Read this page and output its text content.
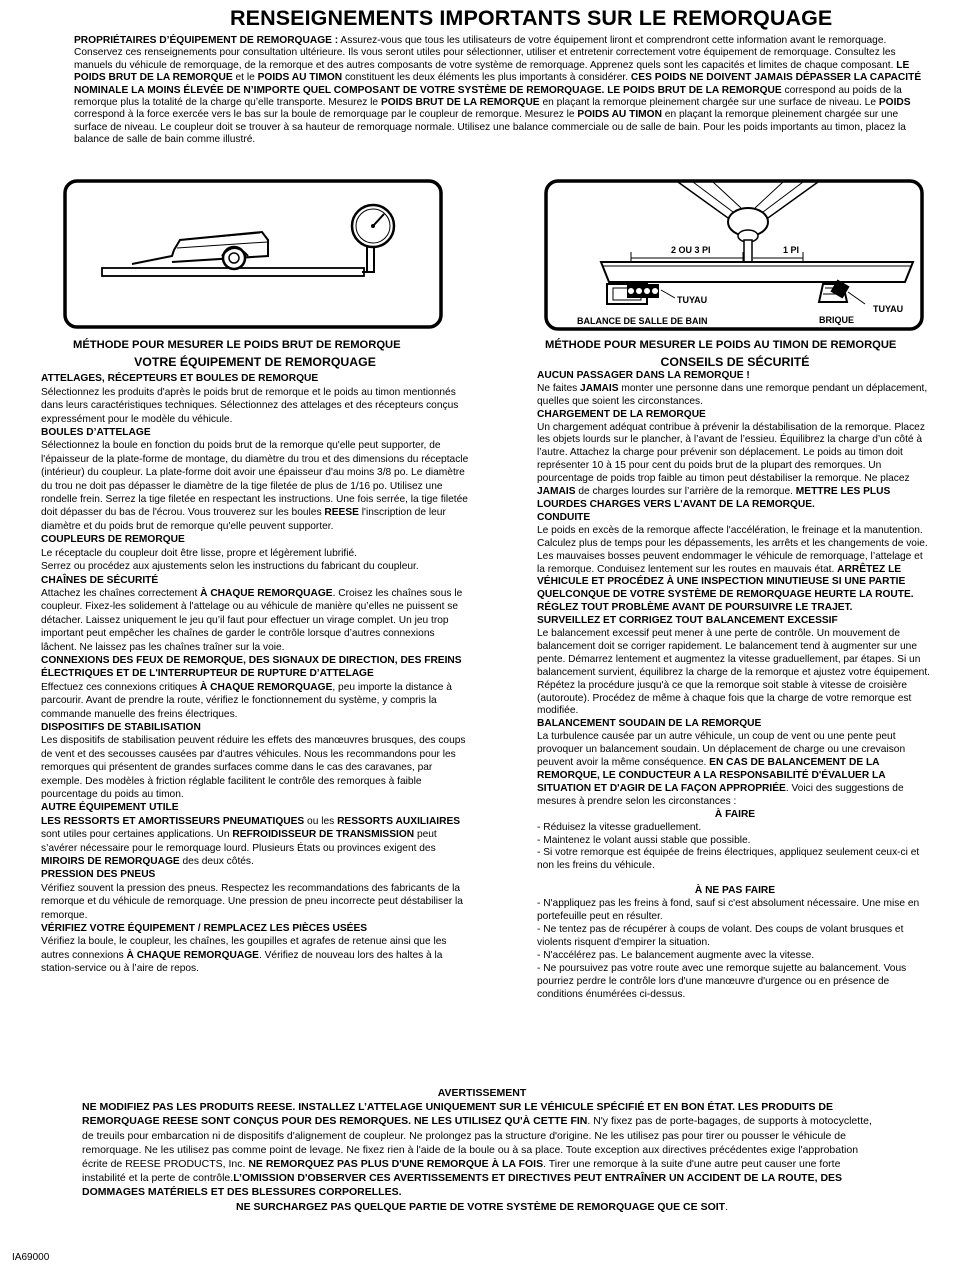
RENSEIGNEMENTS IMPORTANTS SUR LE REMORQUAGE

PROPRIÉTAIRES D’ÉQUIPEMENT DE REMORQUAGE : Assurez-vous que tous les utilisateurs de votre équipement liront et comprendront cette information avant le remorquage.

Conservez ces renseignements pour consultation ultérieure. Ils vous seront utiles pour sélectionner, utiliser et entretenir correctement votre équipement de remorquage. Consultez les manuels du véhicule de remorquage, de la remorque et des autres composants de votre système de remorquage. Apprenez quels sont les capacités et limites de chaque composant. LE POIDS BRUT DE LA REMORQUE et le POIDS AU TIMON constituent les deux éléments les plus importants à considérer. CES POIDS NE DOIVENT JAMAIS DÉPASSER LA CAPACITÉ NOMINALE LA MOINS ÉLEVÉE DE N’IMPORTE QUEL COMPOSANT DE VOTRE SYSTÈME DE REMORQUAGE. LE POIDS BRUT DE LA REMORQUE correspond au poids de la remorque plus la totalité de la charge qu’elle transporte. Mesurez le POIDS BRUT DE LA REMORQUE en plaçant la remorque pleinement chargée sur une surface de niveau. Le POIDS correspond à la force exercée vers le bas sur la boule de remorquage par le coupleur de remorque. Mesurez le POIDS AU TIMON en plaçant la remorque pleinement chargée sur une surface de niveau. Le coupleur doit se trouver à sa hauteur de remorquage normale. Utilisez une balance commerciale ou de salle de bain. Pour les poids importants au timon, placez la balance de salle de bain comme illustré.

MÉTHODE POUR MESURER LE POIDS BRUT DE REMORQUE
2 OU 3 PI	1 PI
TUYAU
TUYAU
BALANCE DE SALLE DE BAIN	BRIQUE
MÉTHODE POUR MESURER LE POIDS AU TIMON DE REMORQUE
VOTRE ÉQUIPEMENT DE REMORQUAGE
ATTELAGES, RÉCEPTEURS ET BOULES DE REMORQUE

Sélectionnez les produits d'après le poids brut de remorque et le poids au timon mentionnés dans leurs caractéristiques techniques. Sélectionnez des attelages et des récepteurs conçus expressément pour le modèle du véhicule.

BOULES D’ATTELAGE

Sélectionnez la boule en fonction du poids brut de la remorque qu'elle peut supporter, de l'épaisseur de la plate-forme de montage, du diamètre du trou et des dimensions du réceptacle (intérieur) du coupleur. La plate-forme doit avoir une épaisseur d'au moins 3/8 po. Le diamètre du trou ne doit pas dépasser le diamètre de la tige filetée de plus de 1/16 po. Utilisez une rondelle frein. Serrez la tige filetée en respectant les instructions. Une fois serrée, la tige filetée doit dépasser du bas de l'écrou. Vous trouverez sur les boules REESE l'inscription de leur diamètre et du poids brut de remorque qu'elle peuvent supporter.

COUPLEURS DE REMORQUE

Le réceptacle du coupleur doit être lisse, propre et légèrement lubrifié.

Serrez ou procédez aux ajustements selon les instructions du fabricant du coupleur.

CHAÎNES DE SÉCURITÉ

Attachez les chaînes correctement À CHAQUE REMORQUAGE. Croisez les chaînes sous le coupleur. Fixez-les solidement à l'attelage ou au véhicule de manière qu’elles ne puissent se détacher. Laissez uniquement le jeu qu’il faut pour effectuer un virage complet. Un jeu trop important peut empêcher les chaînes de garder le contrôle lorsque d’autres connexions lâchent. Ne laissez pas les chaînes traîner sur la voie.

CONNEXIONS DES FEUX DE REMORQUE, DES SIGNAUX DE DIRECTION, DES FREINS ÉLECTRIQUES ET DE L'INTERRUPTEUR DE RUPTURE D’ATTELAGE

Effectuez ces connexions critiques À CHAQUE REMORQUAGE, peu importe la distance à parcourir. Avant de prendre la route, vérifiez le fonctionnement du système, y compris la commande manuelle des freins électriques.

DISPOSITIFS DE STABILISATION

Les dispositifs de stabilisation peuvent réduire les effets des manœuvres brusques, des coups de vent et des secousses causées par d'autres véhicules. Nous les recommandons pour les remorques qui présentent de grandes surfaces comme dans le cas des caravanes, par exemple. Des modèles à friction réglable facilitent le contrôle des remorques à faible pourcentage du poids au timon.

AUTRE ÉQUIPEMENT UTILE

LES RESSORTS ET AMORTISSEURS PNEUMATIQUES ou les RESSORTS AUXILIAIRES sont utiles pour certaines applications. Un REFROIDISSEUR DE TRANSMISSION peut s’avérer nécessaire pour le remorquage lourd. Plusieurs États ou provinces exigent des MIROIRS DE REMORQUAGE des deux côtés.

PRESSION DES PNEUS

Vérifiez souvent la pression des pneus. Respectez les recommandations des fabricants de la remorque et du véhicule de remorquage. Une pression de pneu incorrecte peut déstabiliser la remorque.

VÉRIFIEZ VOTRE ÉQUIPEMENT / REMPLACEZ LES PIÈCES USÉES

Vérifiez la boule, le coupleur, les chaînes, les goupilles et agrafes de retenue ainsi que les autres connexions À CHAQUE REMORQUAGE. Vérifiez de nouveau lors des haltes à la station-service ou à l’aire de repos.

CONSEILS DE SÉCURITÉ
AUCUN PASSAGER DANS LA REMORQUE !

Ne faites JAMAIS monter une personne dans une remorque pendant un déplacement, quelles que soient les circonstances.

CHARGEMENT DE LA REMORQUE

Un chargement adéquat contribue à prévenir la déstabilisation de la remorque. Placez les objets lourds sur le plancher, à l’avant de l’essieu. Équilibrez la charge d’un côté à l’autre. Attachez la charge pour prévenir son déplacement. Le poids au timon doit représenter 10 à 15 pour cent du poids brut de la plupart des remorques. Un pourcentage de poids trop faible au timon peut déstabiliser la remorque. Ne placez JAMAIS de charges lourdes sur l’arrière de la remorque. METTRE LES PLUS LOURDES CHARGES VERS L'AVANT DE LA REMORQUE.

CONDUITE

Le poids en excès de la remorque affecte l'accélération, le freinage et la manutention. Calculez plus de temps pour les dépassements, les arrêts et les changements de voie. Les mauvaises bosses peuvent endommager le véhicule de remorquage, l’attelage et la remorque. Conduisez lentement sur les routes en mauvais état. ARRÊTEZ LE VÉHICULE ET PROCÉDEZ À UNE INSPECTION MINUTIEUSE SI UNE PARTIE QUELCONQUE DE VOTRE SYSTÈME DE REMORQUAGE HEURTE LA ROUTE. RÉGLEZ TOUT PROBLÈME AVANT DE POURSUIVRE LE TRAJET.

SURVEILLEZ ET CORRIGEZ TOUT BALANCEMENT EXCESSIF

Le balancement excessif peut mener à une perte de contrôle. Un mouvement de balancement doit se corriger rapidement. Le balancement tend à augmenter sur une pente. Démarrez lentement et augmentez la vitesse graduellement, par étapes. Si un balancement survient, équilibrez la charge de la remorque et ajustez votre équipement. Répétez la procédure jusqu'à ce que la remorque soit stable à vitesse de croisière (autoroute). Procédez de même à chaque fois que la charge de votre remorque est modifiée.

BALANCEMENT SOUDAIN DE LA REMORQUE

La turbulence causée par un autre véhicule, un coup de vent ou une pente peut provoquer un balancement soudain. Un déplacement de charge ou une crevaison peuvent avoir la même conséquence. EN CAS DE BALANCEMENT DE LA REMORQUE, LE CONDUCTEUR A LA RESPONSABILITÉ D'ÉVALUER LA SITUATION ET D'AGIR DE LA FAÇON APPROPRIÉE. Voici des suggestions de mesures à prendre selon les circonstances :

À FAIRE

- Réduisez la vitesse graduellement.

- Maintenez le volant aussi stable que possible.

- Si votre remorque est équipée de freins électriques, appliquez seulement ceux-ci et non les freins du véhicule.

À NE PAS FAIRE

- N'appliquez pas les freins à fond, sauf si c'est absolument nécessaire. Une mise en portefeuille peut en résulter.

- Ne tentez pas de récupérer à coups de volant. Des coups de volant brusques et violents risquent d'empirer la situation.

- N'accélérez pas. Le balancement augmente avec la vitesse.

- Ne poursuivez pas votre route avec une remorque sujette au balancement. Vous pourriez perdre le contrôle lors d'une manœuvre d'urgence ou en présence de conditions énumérées ci-dessus.

AVERTISSEMENT

NE MODIFIEZ PAS LES PRODUITS REESE. INSTALLEZ L’ATTELAGE UNIQUEMENT SUR LE VÉHICULE SPÉCIFIÉ ET EN BON ÉTAT. LES PRODUITS DE REMORQUAGE REESE SONT CONÇUS POUR DES REMORQUES. NE LES UTILISEZ QU'À CETTE FIN. N'y fixez pas de porte-bagages, de supports à motocyclette, de treuils pour embarcation ni de dispositifs d'alignement de coupleur. Ne prolongez pas la structure d'origine. Ne les utilisez pas pour tirer ou pousser le véhicule de remorquage. Ne les utilisez pas comme point de levage. Ne fixez rien à l'aide de la boule ou à sa place. Toute exception aux directives précédentes exige l'approbation écrite de REESE PRODUCTS, Inc. NE REMORQUEZ PAS PLUS D'UNE REMORQUE À LA FOIS. Tirer une remorque à la suite d'une autre peut causer une forte instabilité et la perte de contrôle.L’OMISSION D'OBSERVER CES AVERTISSEMENTS ET DIRECTIVES PEUT ENTRAÎNER UN ACCIDENT DE LA ROUTE, DES DOMMAGES MATÉRIELS ET DES BLESSURES CORPORELLES.

NE SURCHARGEZ PAS QUELQUE PARTIE DE VOTRE SYSTÈME DE REMORQUAGE QUE CE SOIT.

IA69000
